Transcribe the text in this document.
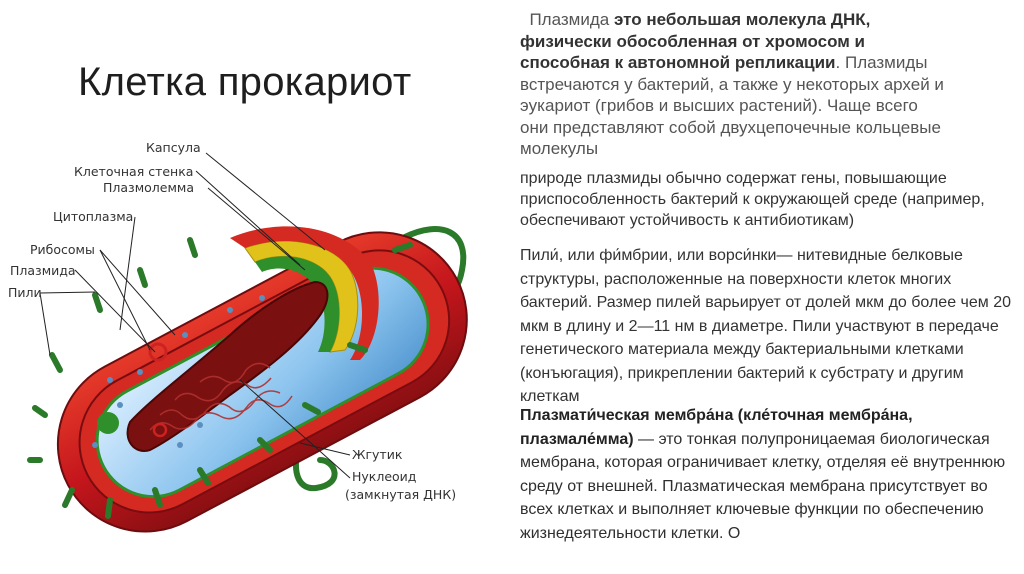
Клетка прокариот
Капсула
Клеточная стенка
Плазмолемма
Цитоплазма
Рибосомы
Плазмида
Пили
Жгутик
Нуклеоид
(замкнутая ДНК)
Плазмида это небольшая молекула ДНК, физически обособленная от хромосом и способная к автономной репликации. Плазмиды встречаются у бактерий, а также у некоторых архей и эукариот (грибов и высших растений). Чаще всего они представляют собой двухцепочечные кольцевые молекулы
природе плазмиды обычно содержат гены, повышающие приспособленность бактерий к окружающей среде (например, обеспечивают устойчивость к антибиотикам)
Пили́, или фи́мбрии, или ворси́нки— нитевидные белковые структуры, расположенные на поверхности клеток многих бактерий. Размер пилей варьирует от долей мкм до более чем 20 мкм в длину и 2—11 нм в диаметре. Пили участвуют в передаче генетического материала между бактериальными клетками (конъюгация), прикреплении бактерий к субстрату и другим клеткам
Плазмати́ческая мембра́на (кле́точная мембра́на, плазмале́мма) — это тонкая полупроницаемая биологическая мембрана, которая ограничивает клетку, отделяя её внутреннюю среду от внешней. Плазматическая мембрана присутствует во всех клетках и выполняет ключевые функции по обеспечению жизнедеятельности клетки. О
